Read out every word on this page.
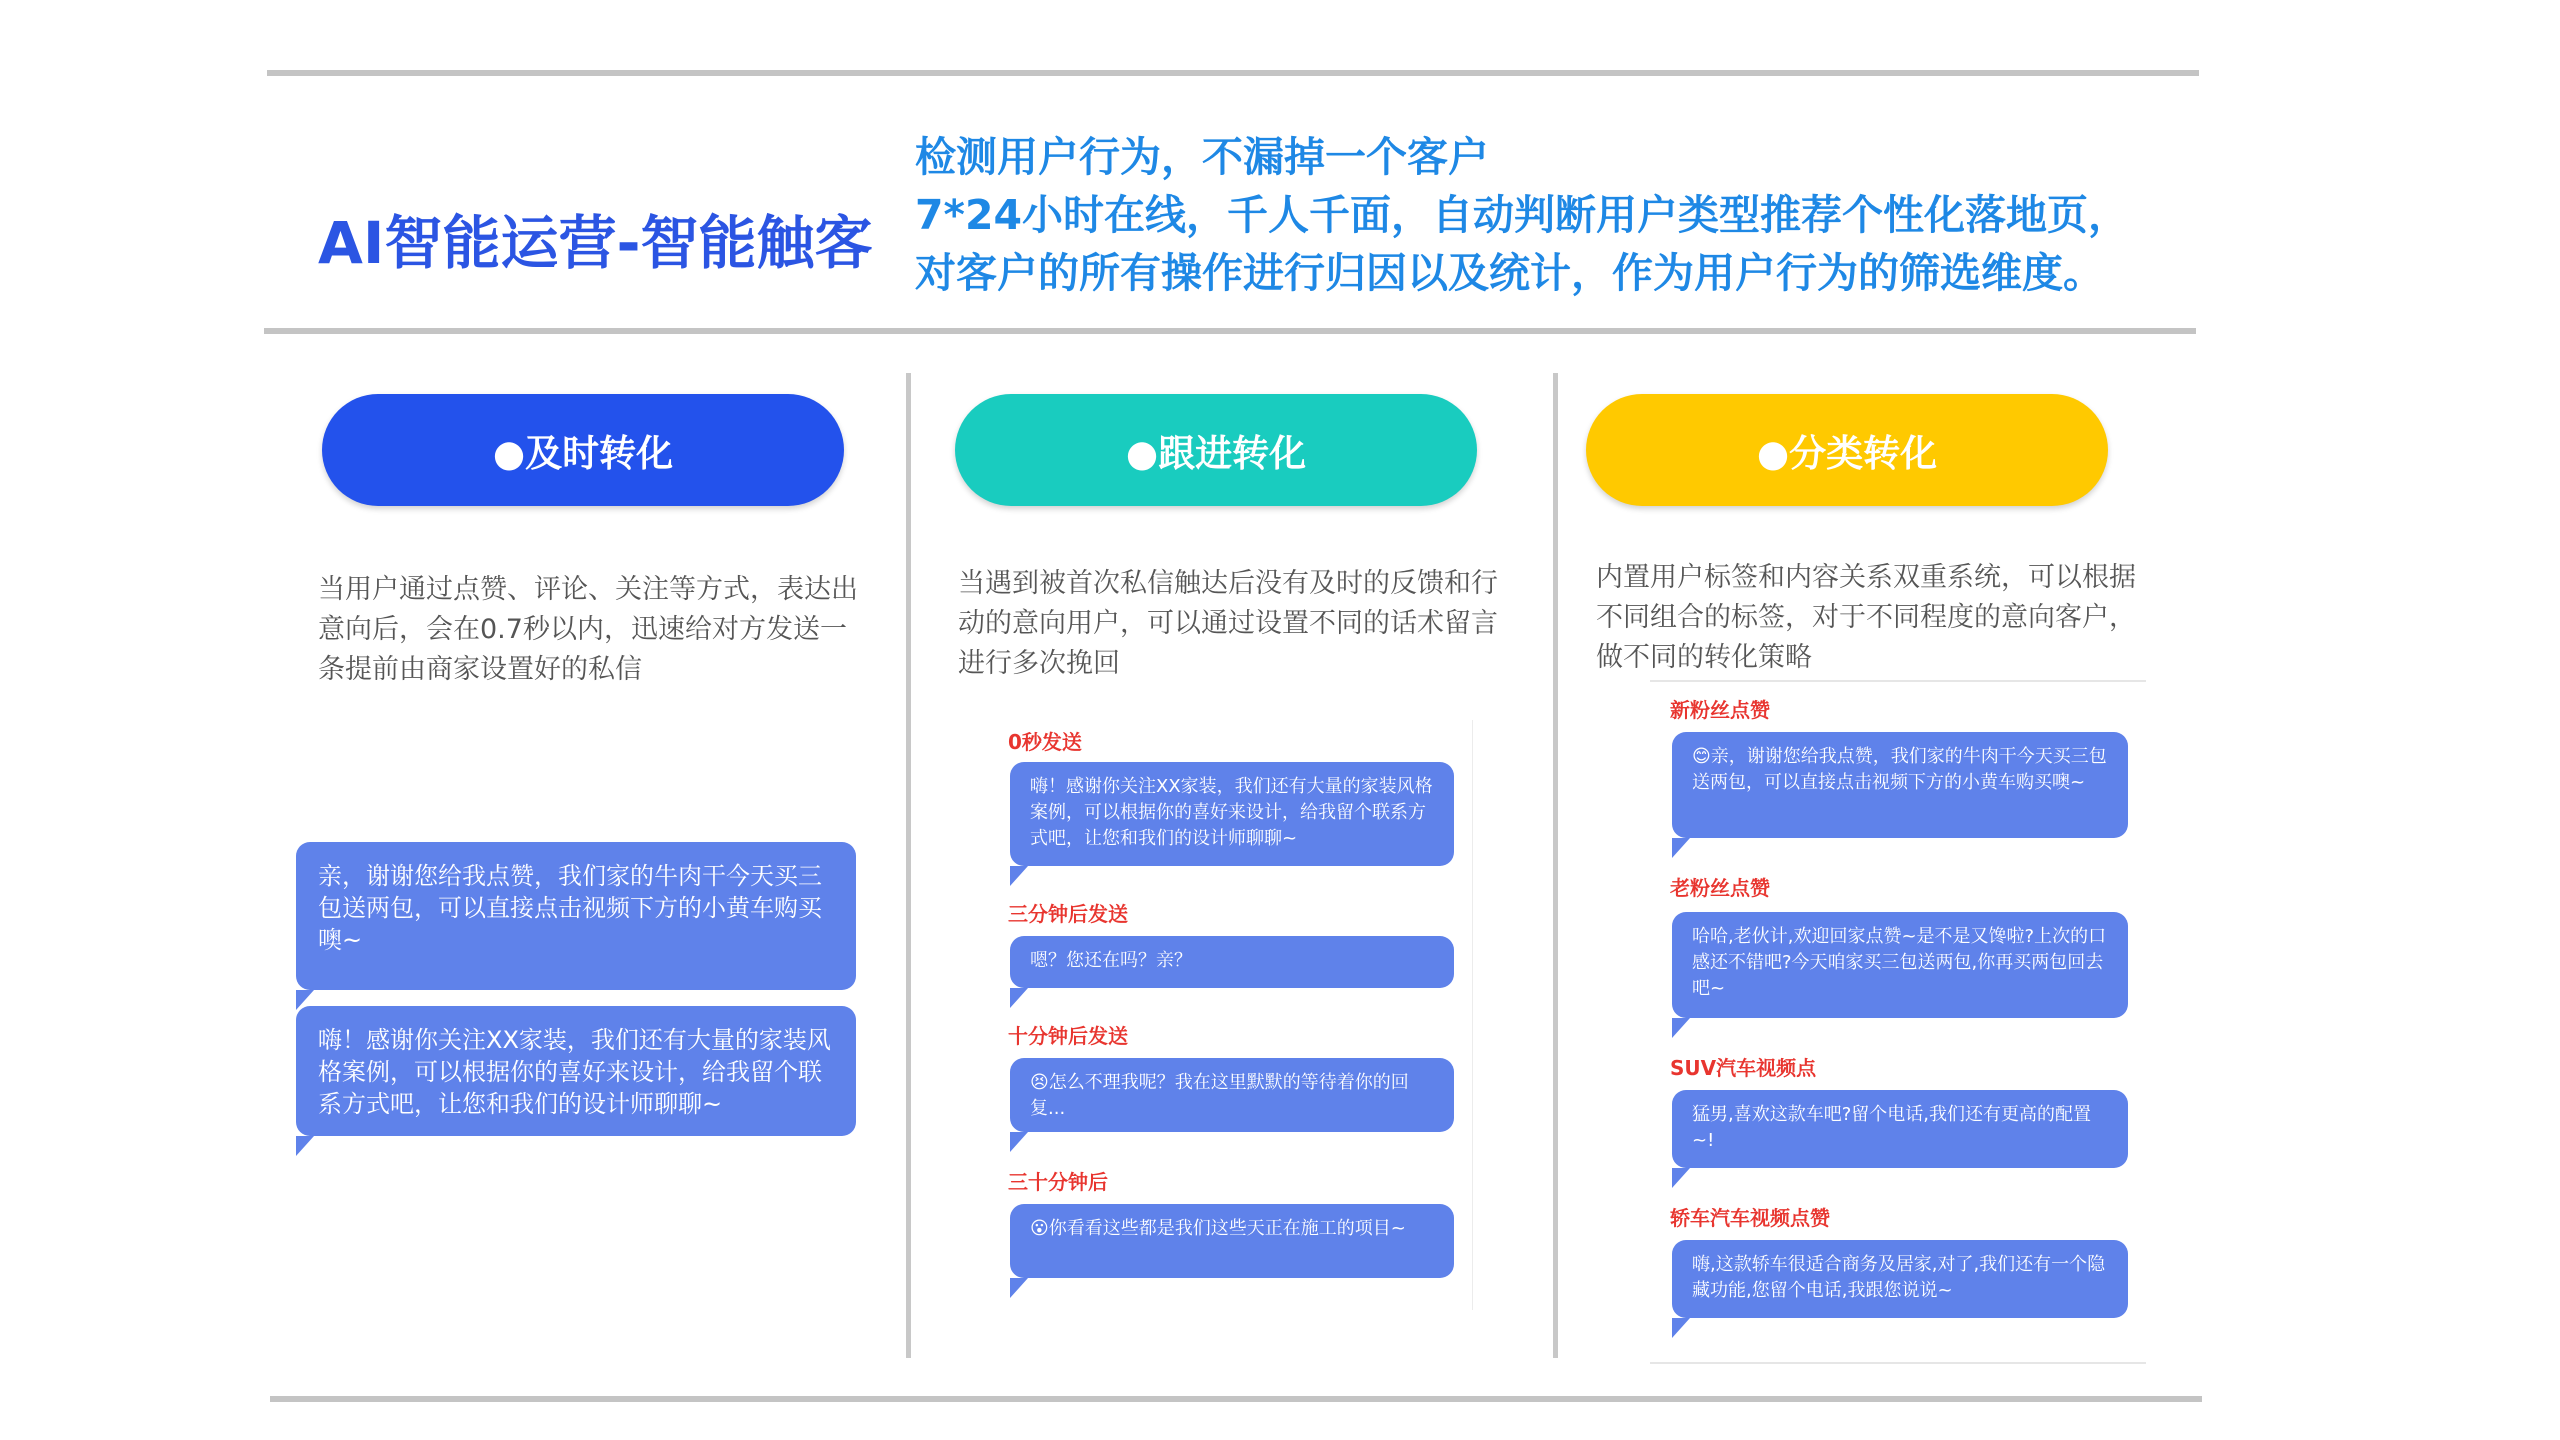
AI智能运营-智能触客
检测用户行为，不漏掉一个客户
7*24小时在线，千人千面，自动判断用户类型推荐个性化落地页，
对客户的所有操作进行归因以及统计，作为用户行为的筛选维度。
●及时转化

当用户通过点赞、评论、关注等方式，表达出意向后，会在0.7秒以内，迅速给对方发送一条提前由商家设置好的私信

亲，谢谢您给我点赞，我们家的牛肉干今天买三包送两包，可以直接点击视频下方的小黄车购买噢~
嗨！感谢你关注XX家装，我们还有大量的家装风格案例，可以根据你的喜好来设计，给我留个联系方式吧，让您和我们的设计师聊聊~
●跟进转化

当遇到被首次私信触达后没有及时的反馈和行动的意向用户，可以通过设置不同的话术留言进行多次挽回

0秒发送
嗨！感谢你关注XX家装，我们还有大量的家装风格案例，可以根据你的喜好来设计，给我留个联系方式吧，让您和我们的设计师聊聊~
三分钟后发送
嗯？您还在吗？亲？
十分钟后发送
😣怎么不理我呢？我在这里默默的等待着你的回复...
三十分钟后
😮你看看这些都是我们这些天正在施工的项目~
●分类转化

内置用户标签和内容关系双重系统，可以根据不同组合的标签，对于不同程度的意向客户，做不同的转化策略

新粉丝点赞
😊亲，谢谢您给我点赞，我们家的牛肉干今天买三包送两包，可以直接点击视频下方的小黄车购买噢~
老粉丝点赞
哈哈,老伙计,欢迎回家点赞~是不是又馋啦?上次的口感还不错吧?今天咱家买三包送两包,你再买两包回去吧~
SUV汽车视频点
猛男,喜欢这款车吧?留个电话,我们还有更高的配置~!
轿车汽车视频点赞
嗨,这款轿车很适合商务及居家,对了,我们还有一个隐藏功能,您留个电话,我跟您说说~
